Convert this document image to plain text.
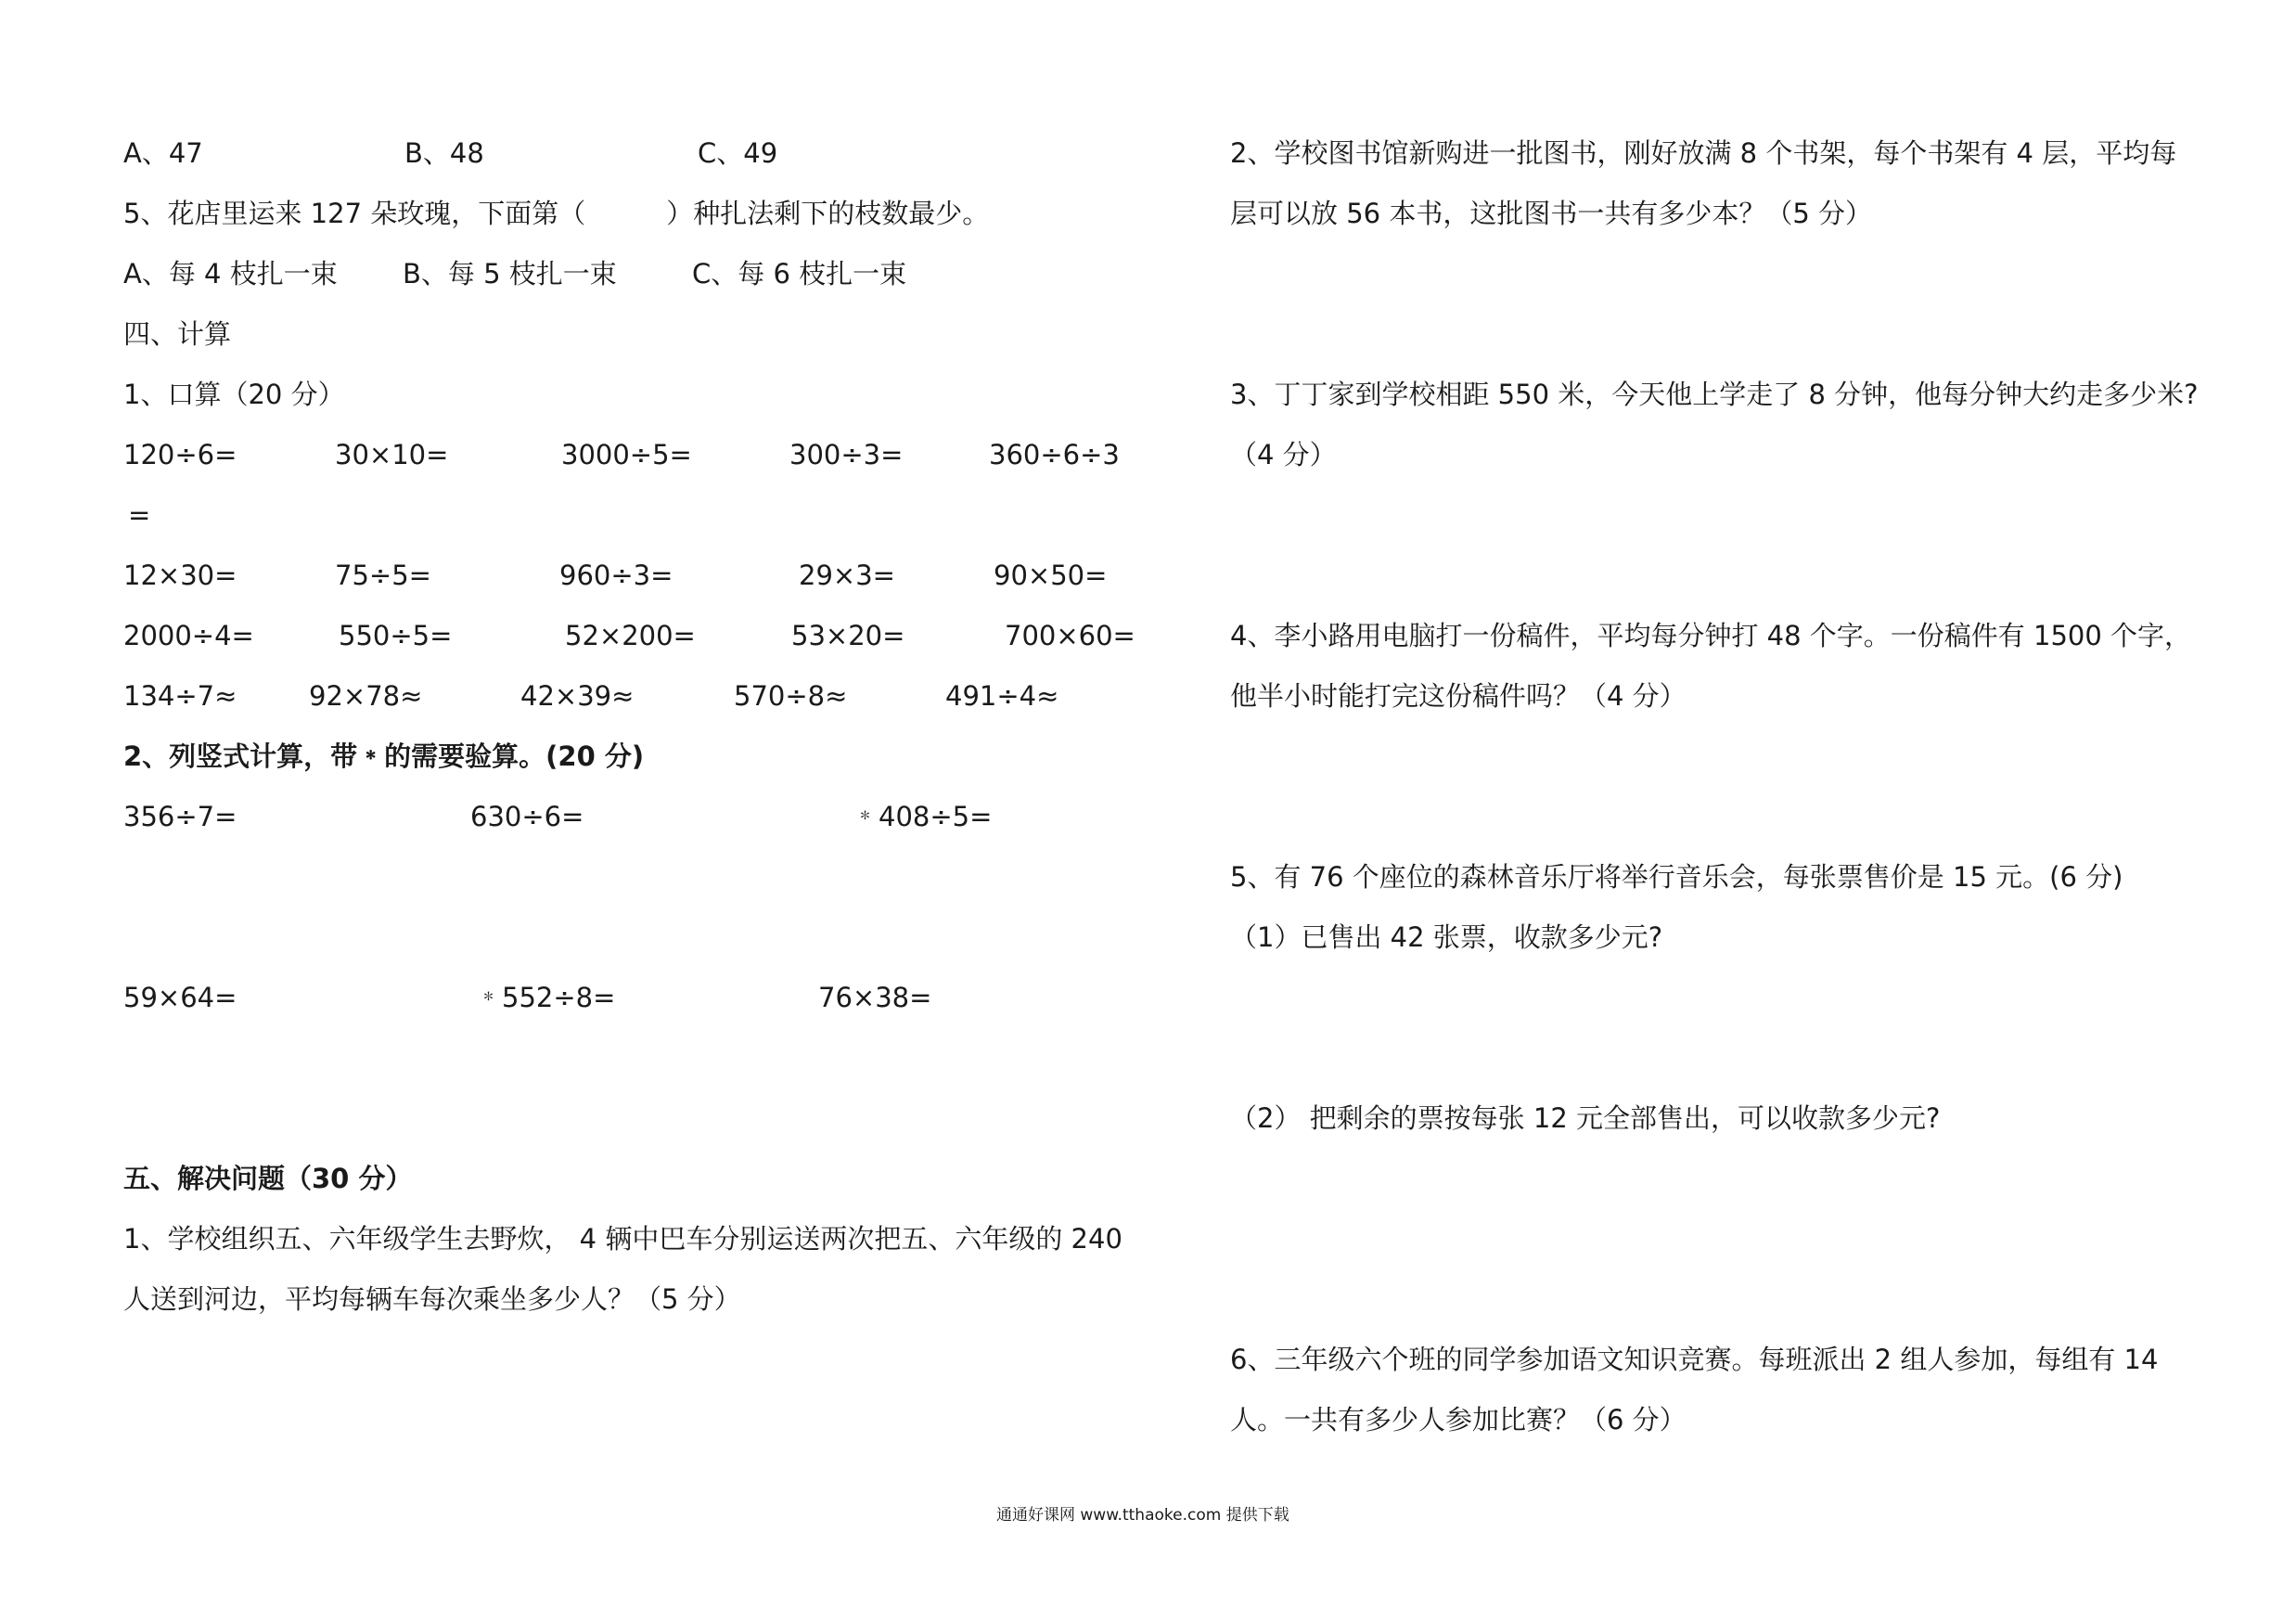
A、47	B、48	C、49
5、花店里运来 127 朵玫瑰，下面第（　　　）种扎法剩下的枝数最少。
A、每 4 枝扎一束 B、每 5 枝扎一束	C、每 6 枝扎一束
四、计算
1、口算（20 分）
120÷6=	30×10=	3000÷5=	300÷3=	360÷6÷3
=
12×30=	75÷5=	960÷3=	29×3=	90×50=
2000÷4=	550÷5=	52×200=	53×20=	700×60=
134÷7≈	92×78≈	42×39≈	570÷8≈	491÷4≈
2、列竖式计算，带﹡的需要验算。(20 分)
356÷7=	630÷6=	﹡408÷5=
59×64=	﹡552÷8=	76×38=
五、解决问题（30 分）
1、学校组织五、六年级学生去野炊， 4 辆中巴车分别运送两次把五、六年级的 240
人送到河边，平均每辆车每次乘坐多少人？（5 分）
2、学校图书馆新购进一批图书，刚好放满 8 个书架，每个书架有 4 层，平均每
层可以放 56 本书，这批图书一共有多少本？（5 分）
3、丁丁家到学校相距 550 米，今天他上学走了 8 分钟，他每分钟大约走多少米?
（4 分）
4、李小路用电脑打一份稿件，平均每分钟打 48 个字。一份稿件有 1500 个字，
他半小时能打完这份稿件吗？（4 分）
5、有 76 个座位的森林音乐厅将举行音乐会，每张票售价是 15 元。(6 分)
（1）已售出 42 张票，收款多少元?
（2） 把剩余的票按每张 12 元全部售出，可以收款多少元?
6、三年级六个班的同学参加语文知识竞赛。每班派出 2 组人参加，每组有 14
人。一共有多少人参加比赛？（6 分）
通通好课网 www.tthaoke.com 提供下载
